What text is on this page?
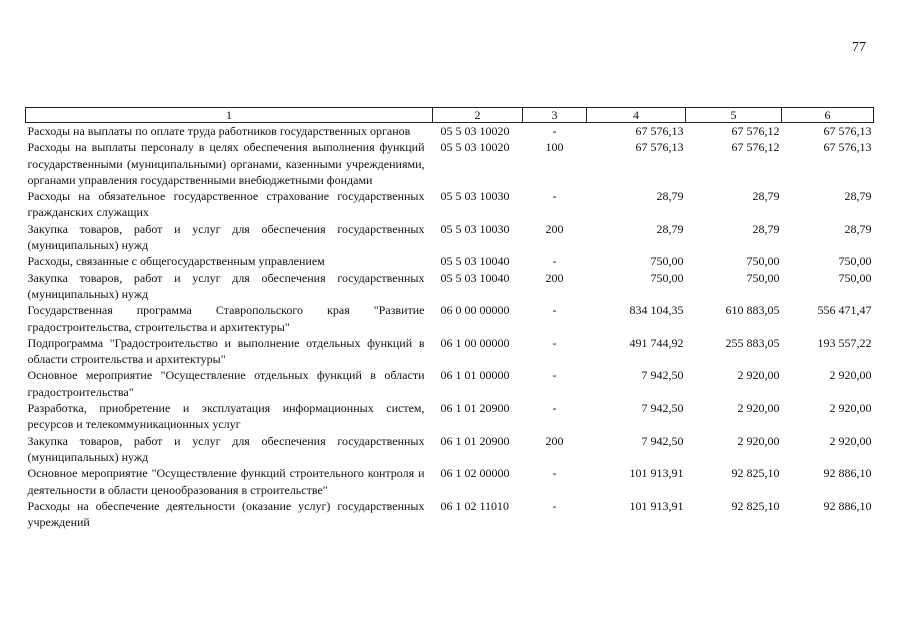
77
1	2	3	4	5	6
Расходы на выплаты по оплате труда работников государственных органов	05 5 03 10020	-	67 576,13	67 576,12	67 576,13
Расходы на выплаты персоналу в целях обеспечения выполнения функций государственными (муниципальными) органами, казенными учреждениями, органами управления государственными внебюджетными фондами	05 5 03 10020	100	67 576,13	67 576,12	67 576,13
Расходы на обязательное государственное страхование государственных гражданских служащих	05 5 03 10030	-	28,79	28,79	28,79
Закупка товаров, работ и услуг для обеспечения государственных (муниципальных) нужд	05 5 03 10030	200	28,79	28,79	28,79
Расходы, связанные с общегосударственным управлением	05 5 03 10040	-	750,00	750,00	750,00
Закупка товаров, работ и услуг для обеспечения государственных (муниципальных) нужд	05 5 03 10040	200	750,00	750,00	750,00
Государственная программа Ставропольского края "Развитие градостроительства, строительства и архитектуры"	06 0 00 00000	-	834 104,35	610 883,05	556 471,47
Подпрограмма "Градостроительство и выполнение отдельных функций в области строительства и архитектуры"	06 1 00 00000	-	491 744,92	255 883,05	193 557,22
Основное мероприятие "Осуществление отдельных функций в области градостроительства"	06 1 01 00000	-	7 942,50	2 920,00	2 920,00
Разработка, приобретение и эксплуатация информационных систем, ресурсов и телекоммуникационных услуг	06 1 01 20900	-	7 942,50	2 920,00	2 920,00
Закупка товаров, работ и услуг для обеспечения государственных (муниципальных) нужд	06 1 01 20900	200	7 942,50	2 920,00	2 920,00
Основное мероприятие "Осуществление функций строительного контроля и деятельности в области ценообразования в строительстве"	06 1 02 00000	-	101 913,91	92 825,10	92 886,10
Расходы на обеспечение деятельности (оказание услуг) государственных учреждений	06 1 02 11010	-	101 913,91	92 825,10	92 886,10
